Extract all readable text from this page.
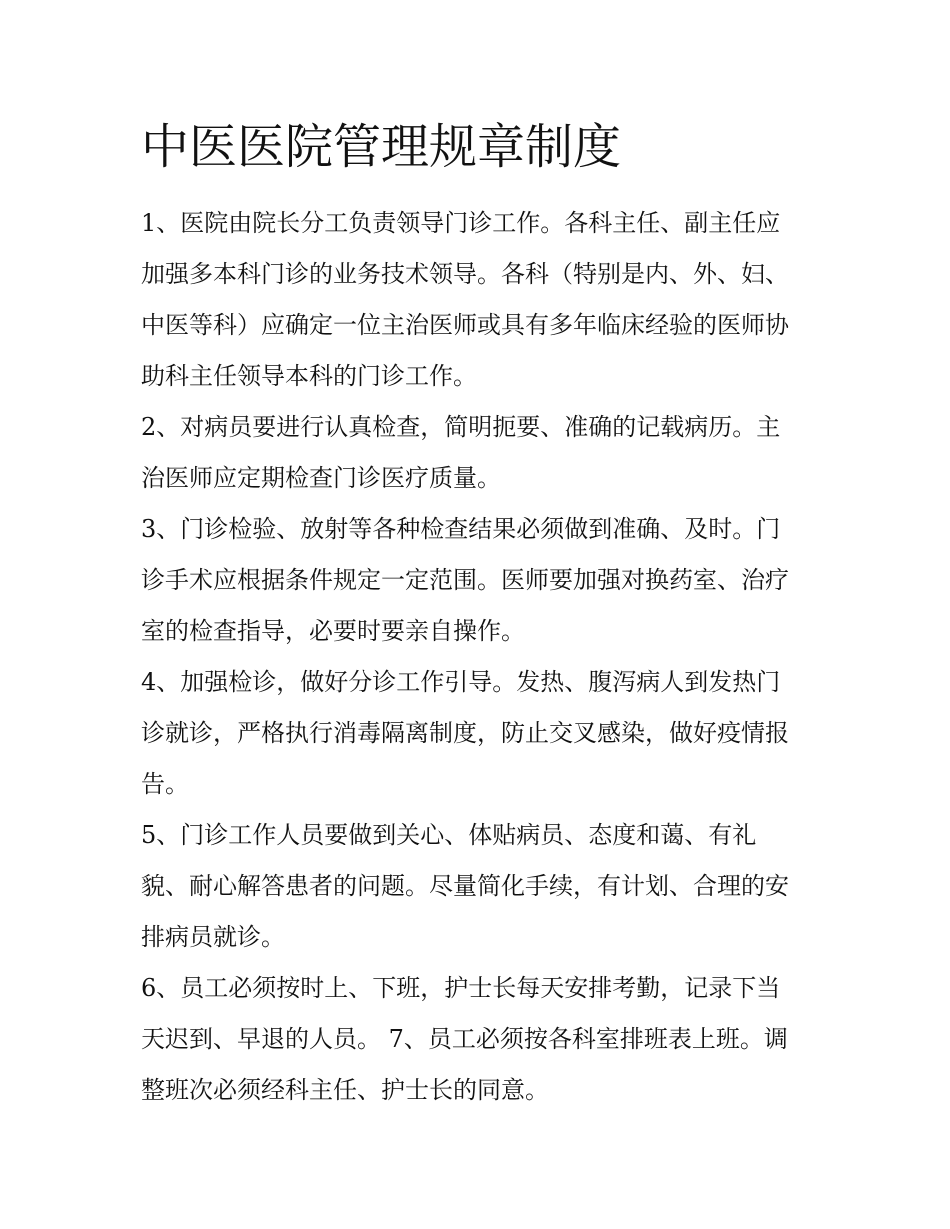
中医医院管理规章制度
1、医院由院长分工负责领导门诊工作。各科主任、副主任应
加强多本科门诊的业务技术领导。各科（特别是内、外、妇、
中医等科）应确定一位主治医师或具有多年临床经验的医师协
助科主任领导本科的门诊工作。
2、对病员要进行认真检查，简明扼要、准确的记载病历。主
治医师应定期检查门诊医疗质量。
3、门诊检验、放射等各种检查结果必须做到准确、及时。门
诊手术应根据条件规定一定范围。医师要加强对换药室、治疗
室的检查指导，必要时要亲自操作。
4、加强检诊，做好分诊工作引导。发热、腹泻病人到发热门
诊就诊，严格执行消毒隔离制度，防止交叉感染，做好疫情报
告。
5、门诊工作人员要做到关心、体贴病员、态度和蔼、有礼
貌、耐心解答患者的问题。尽量简化手续，有计划、合理的安
排病员就诊。
6、员工必须按时上、下班，护士长每天安排考勤，记录下当
天迟到、早退的人员。 7、员工必须按各科室排班表上班。调
整班次必须经科主任、护士长的同意。
